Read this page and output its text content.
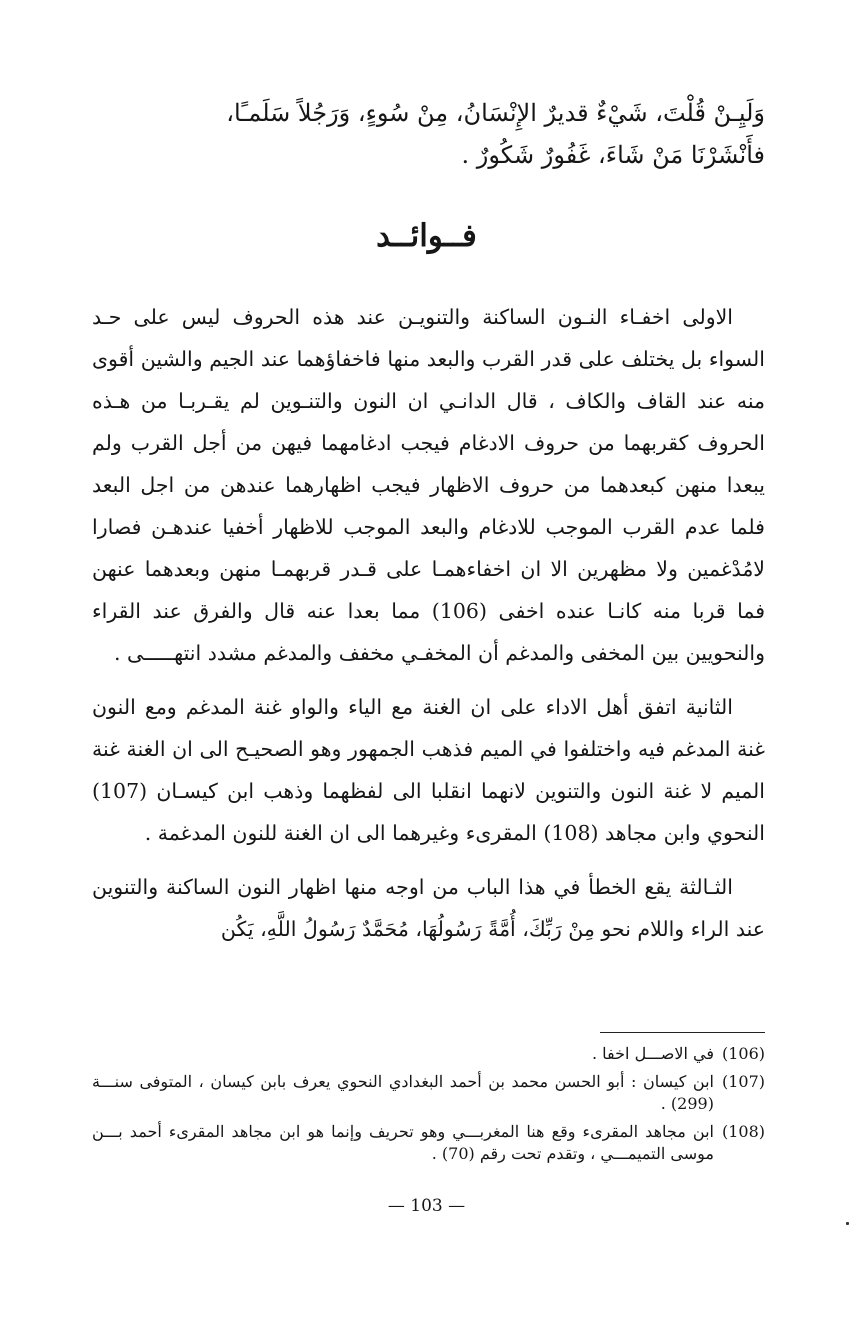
وَلَيِـنْ قُلْتَ، شَيْءٌ قديرٌ الإِنْسَانُ، مِنْ سُوءٍ، وَرَجُلاً سَلَمـًا،
فأَنْشَرْنَا مَنْ شَاءَ، غَفُورٌ شَكُورٌ .
فــوائــد

الاولى اخفـاء النـون الساكنة والتنويـن عند هذه الحروف ليس على حـد السواء بل يختلف على قدر القرب والبعد منها فاخفاؤهما عند الجيم والشين أقوى منه عند القاف والكاف ، قال الدانـي ان النون والتنـوين لم يقـربـا من هـذه الحروف كقربهما من حروف الادغام فيجب ادغامهما فيهن من أجل القرب ولم يبعدا منهن كبعدهما من حروف الاظهار فيجب اظهارهما عندهن من اجل البعد فلما عدم القرب الموجب للادغام والبعد الموجب للاظهار أخفيا عندهـن فصارا لامُدْغمين ولا مظهرين الا ان اخفاءهمـا على قـدر قربهمـا منهن وبعدهما عنهن فما قربا منه كانـا عنده اخفى (106) مما بعدا عنه قال والفرق عند القراء والنحويين بين المخفى والمدغم أن المخفـي مخفف والمدغم مشدد انتهـــــى .

الثانية اتفق أهل الاداء على ان الغنة مع الياء والواو غنة المدغم ومع النون غنة المدغم فيه واختلفوا في الميم فذهب الجمهور وهو الصحيـح الى ان الغنة غنة الميم لا غنة النون والتنوين لانهما انقلبا الى لفظهما وذهب ابن كيسـان (107) النحوي وابن مجاهد (108) المقرىء وغيرهما الى ان الغنة للنون المدغمة .

الثـالثة يقع الخطأ في هذا الباب من اوجه منها اظهار النون الساكنة والتنوين عند الراء واللام نحو مِنْ رَبِّكَ، أُمَّةً رَسُولُهَا، مُحَمَّدٌ رَسُولُ اللَّهِ، يَكُن

(106)
في الاصـــل اخفا .
(107)
ابن كيسان : أبو الحسن محمد بن أحمد البغدادي النحوي يعرف بابن كيسان ، المتوفى سنـــة (299) .
(108)
ابن مجاهد المقرىء وقع هنا المغربـــي وهو تحريف وإنما هو ابن مجاهد المقرىء أحمد بـــن موسى التميمـــي ، وتقدم تحت رقم (70) .
— 103 —
